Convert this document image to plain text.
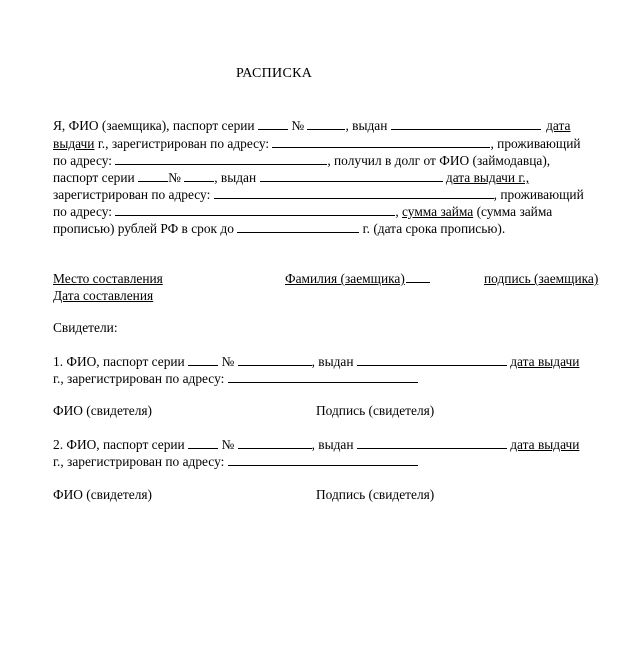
РАСПИСКА
Я, ФИО (заемщика), паспорт серии	№	, выдан	дата
выдачи г., зарегистрирован по адресу:	, проживающий
по адресу:	, получил в долг от ФИО (займодавца),
паспорт серии № , выдан	дата выдачи г.,
зарегистрирован по адресу:	, проживающий
по адресу:	, сумма займа (сумма займа
прописью) рублей РФ в срок до	г. (дата срока прописью).
Место составления	Фамилия (заемщика)	подпись (заемщика)
Дата составления
Свидетели:
1. ФИО, паспорт серии	№	, выдан	дата выдачи
г., зарегистрирован по адресу:
ФИО (свидетеля)	Подпись (свидетеля)
2. ФИО, паспорт серии	№	, выдан	дата выдачи
г., зарегистрирован по адресу:
ФИО (свидетеля)	Подпись (свидетеля)
